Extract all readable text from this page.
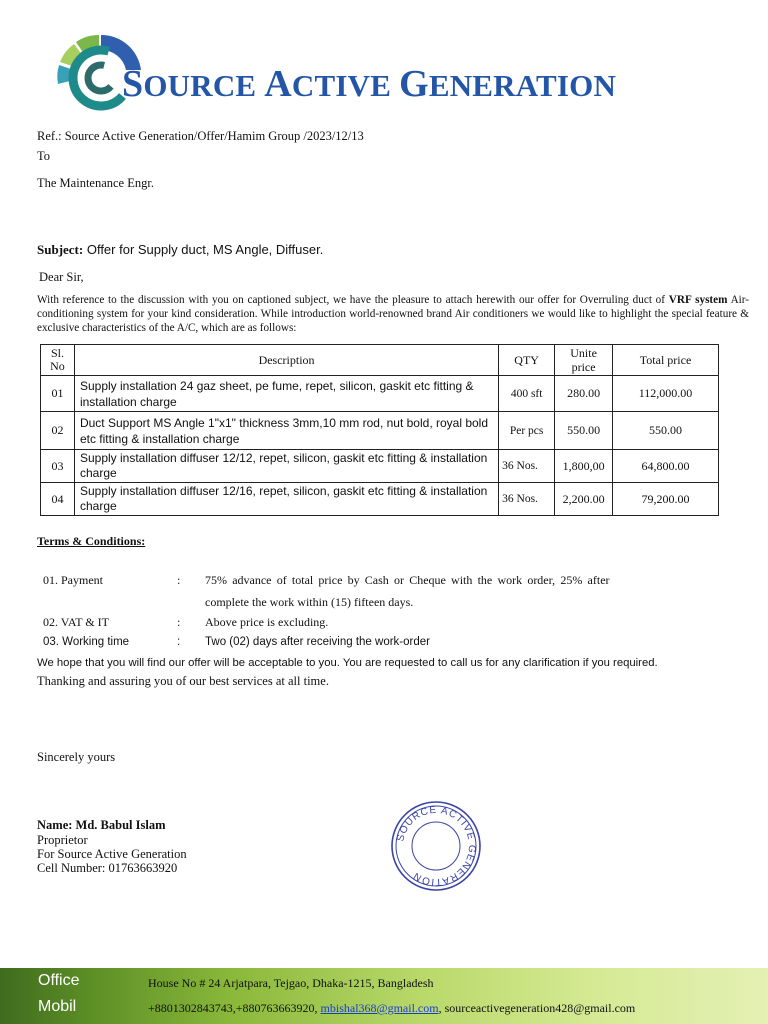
SOURCE ACTIVE GENERATION
Ref.: Source Active Generation/Offer/Hamim Group /2023/12/13
To
The Maintenance Engr.
Subject: Offer for Supply duct, MS Angle, Diffuser.
Dear Sir,
With reference to the discussion with you on captioned subject, we have the pleasure to attach herewith our offer for Overruling duct of VRF system Air-conditioning system for your kind consideration. While introduction world-renowned brand Air conditioners we would like to highlight the special feature & exclusive characteristics of the A/C, which are as follows:
Sl. No	Description	QTY	Unite price	Total price
01	Supply installation 24 gaz sheet, pe fume, repet, silicon, gaskit etc fitting & installation charge	400 sft	280.00	112,000.00
02	Duct Support MS Angle 1"x1" thickness 3mm,10 mm rod, nut bold, royal bold etc fitting & installation charge	Per pcs	550.00	550.00
03	Supply installation diffuser 12/12, repet, silicon, gaskit etc fitting & installation charge	36 Nos.	1,800,00	64,800.00
04	Supply installation diffuser 12/16, repet, silicon, gaskit etc fitting & installation charge	36 Nos.	2,200.00	79,200.00
Terms & Conditions:
01. Payment	: 75% advance of total price by Cash or Cheque with the work order, 25% after
complete the work within (15) fifteen days.
02. VAT & IT	: Above price is excluding.
03. Working time	: Two (02) days after receiving the work-order
We hope that you will find our offer will be acceptable to you. You are requested to call us for any clarification if you required.
Thanking and assuring you of our best services at all time.
Sincerely yours
Name: Md. Babul Islam
Proprietor
For Source Active Generation
Cell Number: 01763663920
SOURCE ACTIVE GENERATION
Office
Mobil
House No # 24 Arjatpara, Tejgao, Dhaka-1215, Bangladesh
+8801302843743,+880763663920, mbishal368@gmail.com, sourceactivegeneration428@gmail.com
